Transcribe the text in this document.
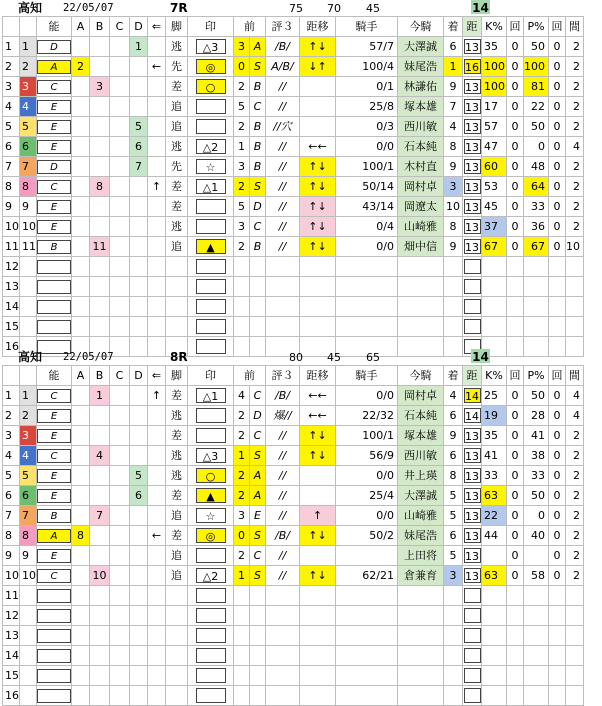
75 70 45
高知 22/05/07	7R	14
		能	A	B	C	D	⇐	脚	印	前		評３	距移	騎手	今騎	着	距	K%	回	P%	回	間
1	1	D				1		逃	△3	3	A	/B/	↑↓	57/7	大澤誠	6	13	35	0	50	0	2
2	2	A	2				←	先	◎	0	S	A/B/	↓↑	100/4	妹尾浩	1	16	100	0	100	0	2
3	3	C		3				差	○	2	B	//		0/1	林謙佑	9	13	100	0	81	0	2
4	4	E						追		5	C	//		25/8	塚本雄	7	13	17	0	22	0	2
5	5	E				5		追		2	B	//穴		0/3	西川敏	4	13	57	0	50	0	2
6	6	E				6		逃	△2	1	B	//	←←	0/0	石本純	8	13	47	0	0	0	4
7	7	D				7		先	☆	3	B	//	↑↓	100/1	木村直	9	13	60	0	48	0	2
8	8	C		8			↑	差	△1	2	S	//	↑↓	50/14	岡村卓	3	13	53	0	64	0	2
9	9	E						差		5	D	//	↑↓	43/14	岡遼太	10	13	45	0	33	0	2
10	10	E						逃		3	C	//	↑↓	0/4	山崎雅	8	13	37	0	36	0	2
11	11	B		11				追	▲	2	B	//	↑↓	0/0	畑中信	9	13	67	0	67	0	10
12																						
13																						
14																						
15																						
16																						
80 45 65
高知 22/05/07	8R	14
		能	A	B	C	D	⇐	脚	印	前		評３	距移	騎手	今騎	着	距	K%	回	P%	回	間
1	1	C		1			↑	差	△1	4	C	/B/	←←	0/0	岡村卓	4	14	25	0	50	0	4
2	2	E						逃		2	D	爆//	←←	22/32	石本純	6	14	19	0	28	0	4
3	3	E						差		2	C	//	↑↓	100/1	塚本雄	9	13	35	0	41	0	2
4	4	C		4				逃	△3	1	S	//	↑↓	56/9	西川敏	6	13	41	0	38	0	2
5	5	E				5		逃	○	2	A	//		0/0	井上瑛	8	13	33	0	33	0	2
6	6	E				6		差	▲	2	A	//		25/4	大澤誠	5	13	63	0	50	0	2
7	7	B		7				追	☆	3	E	//	↑	0/0	山崎雅	5	13	22	0	0	0	2
8	8	A	8				←	差	◎	0	S	/B/	↑↓	50/2	妹尾浩	6	13	44	0	40	0	2
9	9	E						追		2	C	//			上田将	5	13		0		0	2
10	10	C		10				追	△2	1	S	//	↑↓	62/21	倉兼育	3	13	63	0	58	0	2
11																						
12																						
13																						
14																						
15																						
16																						
